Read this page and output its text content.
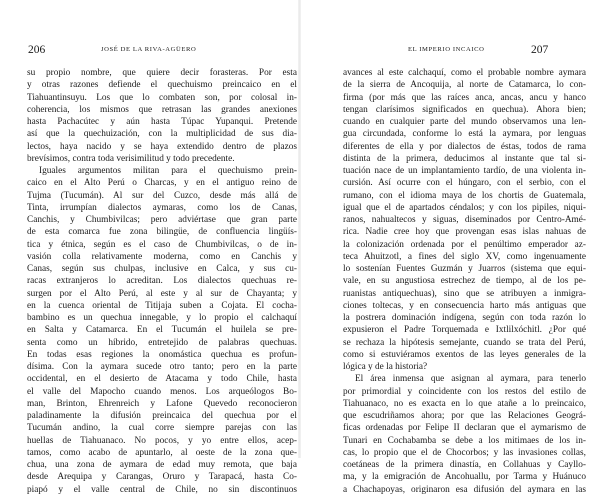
206	JOSÉ DE LA RIVA-AGÜERO
su propio nombre, que quiere decir forasteras. Por esta
y otras razones defiende el quechuismo preincaico en el
Tiahuantinsuyu. Los que lo combaten son, por colosal in-
coherencia, los mismos que retrasan las grandes anexiones
hasta Pachacútec y aún hasta Túpac Yupanqui. Pretende
así que la quechuización, con la multiplicidad de sus dia-
lectos, haya nacido y se haya extendido dentro de plazos
brevísimos, contra toda verisimilitud y todo precedente.
Iguales argumentos militan para el quechuismo prein-
caico en el Alto Perú o Charcas, y en el antiguo reino de
Tujma (Tucumán). Al sur del Cuzco, desde más allá de
Tinta, irrumpían dialectos aymaras, como los de Canas,
Canchis, y Chumbivilcas; pero adviértase que gran parte
de esta comarca fue zona bilingüe, de confluencia lingüís-
tica y étnica, según es el caso de Chumbivilcas, o de in-
vasión colla relativamente moderna, como en Canchis y
Canas, según sus chulpas, inclusive en Calca, y sus cu-
racas extranjeros lo acreditan. Los dialectos quechuas re-
surgen por el Alto Perú, al este y al sur de Chayanta; y
en la cuenca oriental de Titijaja suben a Cojata. El cocha-
bambino es un quechua innegable, y lo propio el calchaquí
en Salta y Catamarca. En el Tucumán el huilela se pre-
senta como un híbrido, entretejido de palabras quechuas.
En todas esas regiones la onomástica quechua es profun-
dísima. Con la aymara sucede otro tanto; pero en la parte
occidental, en el desierto de Atacama y todo Chile, hasta
el valle del Mapocho cuando menos. Los arqueólogos Bo-
man, Brinton, Ehrenreich y Lafone Quevedo reconocieron
paladinamente la difusión preincaica del quechua por el
Tucumán andino, la cual corre siempre parejas con las
huellas de Tiahuanaco. No pocos, y yo entre ellos, acep-
tamos, como acabo de apuntarlo, al oeste de la zona que-
chua, una zona de aymara de edad muy remota, que baja
desde Arequipa y Carangas, Oruro y Tarapacá, hasta Co-
piapó y el valle central de Chile, no sin discontinuos
EL IMPERIO INCAICO	207
avances al este calchaquí, como el probable nombre aymara
de la sierra de Ancoquija, al norte de Catamarca, lo con-
firma (por más que las raíces anca, ancas, ancu y hanco
tengan clarísimos significados en quechua). Ahora bien;
cuando en cualquier parte del mundo observamos una len-
gua circundada, conforme lo está la aymara, por lenguas
diferentes de ella y por dialectos de éstas, todos de rama
distinta de la primera, deducimos al instante que tal si-
tuación nace de un implantamiento tardío, de una violenta in-
cursión. Así ocurre con el húngaro, con el serbio, con el
rumano, con el idioma maya de los chortis de Guatemala,
igual que el de apartados céndalos; y con los pipiles, niqui-
ranos, nahualtecos y siguas, diseminados por Centro-Amé-
rica. Nadie cree hoy que provengan esas islas nahuas de
la colonización ordenada por el penúltimo emperador az-
teca Ahuitzotl, a fines del siglo XV, como ingenuamente
lo sostenían Fuentes Guzmán y Juarros (sistema que equi-
vale, en su angustiosa estrechez de tiempo, al de los pe-
ruanistas antiquechuas), sino que se atribuyen a inmigra-
ciones toltecas, y en consecuencia harto más antiguas que
la postrera dominación indígena, según con toda razón lo
expusieron el Padre Torquemada e Ixtlilxóchitl. ¿Por qué
se rechaza la hipótesis semejante, cuando se trata del Perú,
como si estuviéramos exentos de las leyes generales de la
lógica y de la historia?
El área inmensa que asignan al aymara, para tenerlo
por primordial y coincidente con los restos del estilo de
Tiahuanaco, no es exacta en lo que atañe a lo preincaico,
que escudriñamos ahora; por que las Relaciones Geográ-
ficas ordenadas por Felipe II declaran que el aymarismo de
Tunari en Cochabamba se debe a los mitimaes de los in-
cas, lo propio que el de Chocorbos; y las invasiones collas,
coetáneas de la primera dinastía, en Collahuas y Cayllo-
ma, y la emigración de Ancohuallu, por Tarma y Huánuco
a Chachapoyas, originaron esa difusión del aymara en las
